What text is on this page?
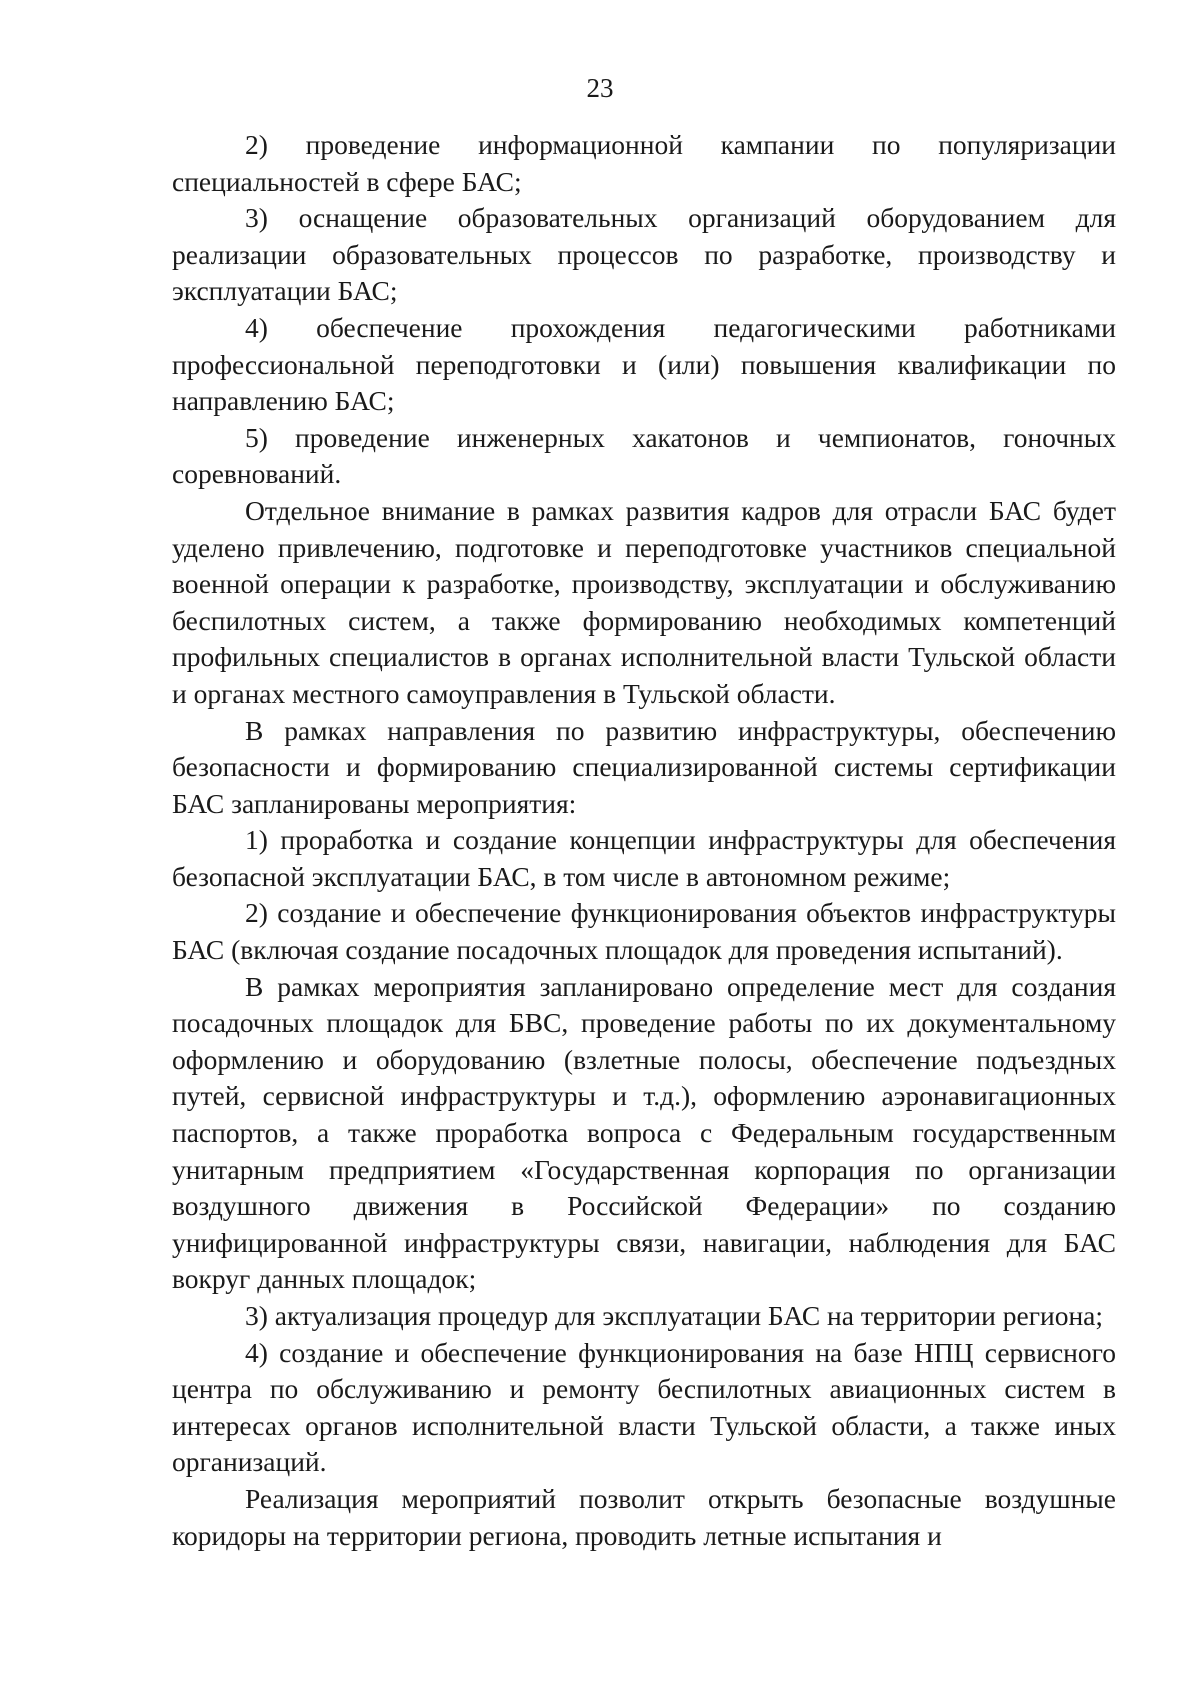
23

2) проведение информационной кампании по популяризации специальностей в сфере БАС;

3) оснащение образовательных организаций оборудованием для реализации образовательных процессов по разработке, производству и эксплуатации БАС;

4) обеспечение прохождения педагогическими работниками профессиональной переподготовки и (или) повышения квалификации по направлению БАС;

5) проведение инженерных хакатонов и чемпионатов, гоночных соревнований.

Отдельное внимание в рамках развития кадров для отрасли БАС будет уделено привлечению, подготовке и переподготовке участников специальной военной операции к разработке, производству, эксплуатации и обслуживанию беспилотных систем, а также формированию необходимых компетенций профильных специалистов в органах исполнительной власти Тульской области и органах местного самоуправления в Тульской области.

В рамках направления по развитию инфраструктуры, обеспечению безопасности и формированию специализированной системы сертификации БАС запланированы мероприятия:

1) проработка и создание концепции инфраструктуры для обеспечения безопасной эксплуатации БАС, в том числе в автономном режиме;

2) создание и обеспечение функционирования объектов инфраструктуры БАС (включая создание посадочных площадок для проведения испытаний).

В рамках мероприятия запланировано определение мест для создания посадочных площадок для БВС, проведение работы по их документальному оформлению и оборудованию (взлетные полосы, обеспечение подъездных путей, сервисной инфраструктуры и т.д.), оформлению аэронавигационных паспортов, а также проработка вопроса с Федеральным государственным унитарным предприятием «Государственная корпорация по организации воздушного движения в Российской Федерации» по созданию унифицированной инфраструктуры связи, навигации, наблюдения для БАС вокруг данных площадок;

3) актуализация процедур для эксплуатации БАС на территории региона;

4) создание и обеспечение функционирования на базе НПЦ сервисного центра по обслуживанию и ремонту беспилотных авиационных систем в интересах органов исполнительной власти Тульской области, а также иных организаций.

Реализация мероприятий позволит открыть безопасные воздушные коридоры на территории региона, проводить летные испытания и
